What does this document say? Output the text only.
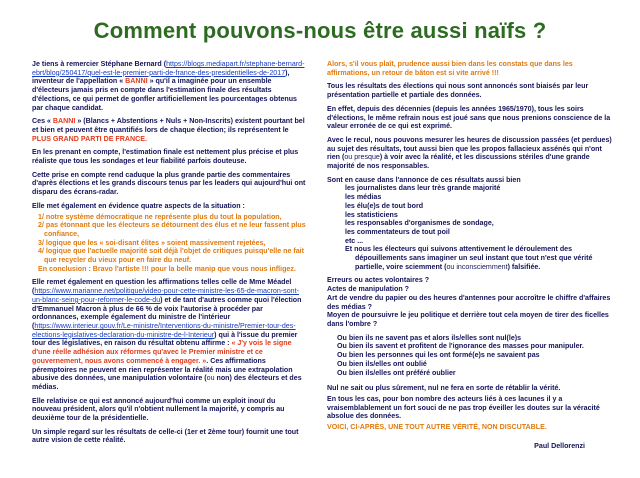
Comment pouvons-nous être aussi naïfs ?

Je tiens à remercier Stéphane Bernard (https://blogs.mediapart.fr/stephane-bernard-ebrt/blog/250417/quel-est-le-premier-parti-de-france-des-presidentielles-de-2017), inventeur de l'appellation « BANNI » qu'il a imaginée pour un ensemble d'électeurs jamais pris en compte dans l'estimation finale des résultats d'élections, ce qui permet de gonfler artificiellement les pourcentages obtenus par chaque candidat.

Ces « BANNI » (Blancs + Abstentions + Nuls + Non-Inscrits) existent pourtant bel et bien et peuvent être quantifiés lors de chaque élection; ils représentent le PLUS GRAND PARTI DE FRANCE.

En les prenant en compte, l'estimation finale est nettement plus précise et plus réaliste que tous les sondages et leur fiabilité parfois douteuse.

Cette prise en compte rend caduque la plus grande partie des commentaires d'après élections et les grands discours tenus par les leaders qui aujourd'hui ont disparu des écrans-radar.

Elle met également en évidence quatre aspects de la situation :

1/ notre système démocratique ne représente plus du tout la population,
2/ pas étonnant que les électeurs se détournent des élus et ne leur fassent plus confiance,
3/ logique que les « soi-disant élites » soient massivement rejetées,
4/ logique que l'actuelle majorité soit déjà l'objet de critiques puisqu'elle ne fait que recycler du vieux pour en faire du neuf.
En conclusion : Bravo l'artiste !!! pour la belle manip que vous nous infligez.

Elle remet également en question les affirmations telles celle de Mme Méadel (https://www.marianne.net/politique/video-pour-cette-ministre-les-65-de-macron-sont-un-blanc-seing-pour-reformer-le-code-du) et de tant d'autres comme quoi l'élection d'Emmanuel Macron à plus de 66 % de voix l'autorise à procéder par ordonnances, exemple également du ministre de l'intérieur (https://www.interieur.gouv.fr/Le-ministre/Interventions-du-ministre/Premier-tour-des-elections-legislatives-declaration-du-ministre-de-l-Interieur) qui à l'issue du premier tour des législatives, en raison du résultat obtenu affirme : « J'y vois le signe d'une réelle adhésion aux réformes qu'avec le Premier ministre et ce gouvernement, nous avons commencé à engager. ». Ces affirmations péremptoires ne peuvent en rien représenter la réalité mais une extrapolation abusive des données, une manipulation volontaire (ou non) des électeurs et des médias.

Elle relativise ce qui est annoncé aujourd'hui comme un exploit inouï du nouveau président, alors qu'il n'obtient nullement la majorité, y compris au deuxième tour de la présidentielle.

Un simple regard sur les résultats de celle-ci (1er et 2ème tour) fournit une tout autre vision de cette réalité.

Alors, s'il vous plaît, prudence aussi bien dans les constats que dans les affirmations, un retour de bâton est si vite arrivé !!!

Tous les résultats des élections qui nous sont annoncés sont biaisés par leur présentation partielle et partiale des données.

En effet, depuis des décennies (depuis les années 1965/1970), tous les soirs d'élections, le même refrain nous est joué sans que nous prenions conscience de la valeur erronée de ce qui est exprimé.

Avec le recul, nous pouvons mesurer les heures de discussion passées (et perdues) au sujet des résultats, tout aussi bien que les propos fallacieux assénés qui n'ont rien (ou presque) à voir avec la réalité, et les discussions stériles d'une grande majorité de nos responsables.

Sont en cause dans l'annonce de ces résultats aussi bien

les journalistes dans leur très grande majorité
les médias
les élu(e)s de tout bord
les statisticiens
les responsables d'organismes de sondage,
les commentateurs de tout poil
etc ...
Et nous les électeurs qui suivons attentivement le déroulement des dépouillements sans imaginer un seul instant que tout n'est que vérité partielle, voire sciemment (ou inconsciemment) falsifiée.
Erreurs ou actes volontaires ?
Actes de manipulation ?
Art de vendre du papier ou des heures d'antennes pour accroître le chiffre d'affaires des médias ?
Moyen de poursuivre le jeu politique et derrière tout cela moyen de tirer des ficelles dans l'ombre ?
Ou bien ils ne savent pas et alors ils/elles sont nul(le)s
Ou bien ils savent et profitent de l'ignorance des masses pour manipuler.
Ou bien les personnes qui les ont formé(e)s ne savaient pas
Ou bien ils/elles ont oublié
Ou bien ils/elles ont préféré oublier

Nul ne sait ou plus sûrement, nul ne fera en sorte de rétablir la vérité.

En tous les cas, pour bon nombre des acteurs liés à ces lacunes il y a vraisemblablement un fort souci de ne pas trop éveiller les doutes sur la véracité absolue des données.

VOICI, CI-APRÈS, UNE TOUT AUTRE VÉRITÉ, NON DISCUTABLE.

Paul Dellorenzi
